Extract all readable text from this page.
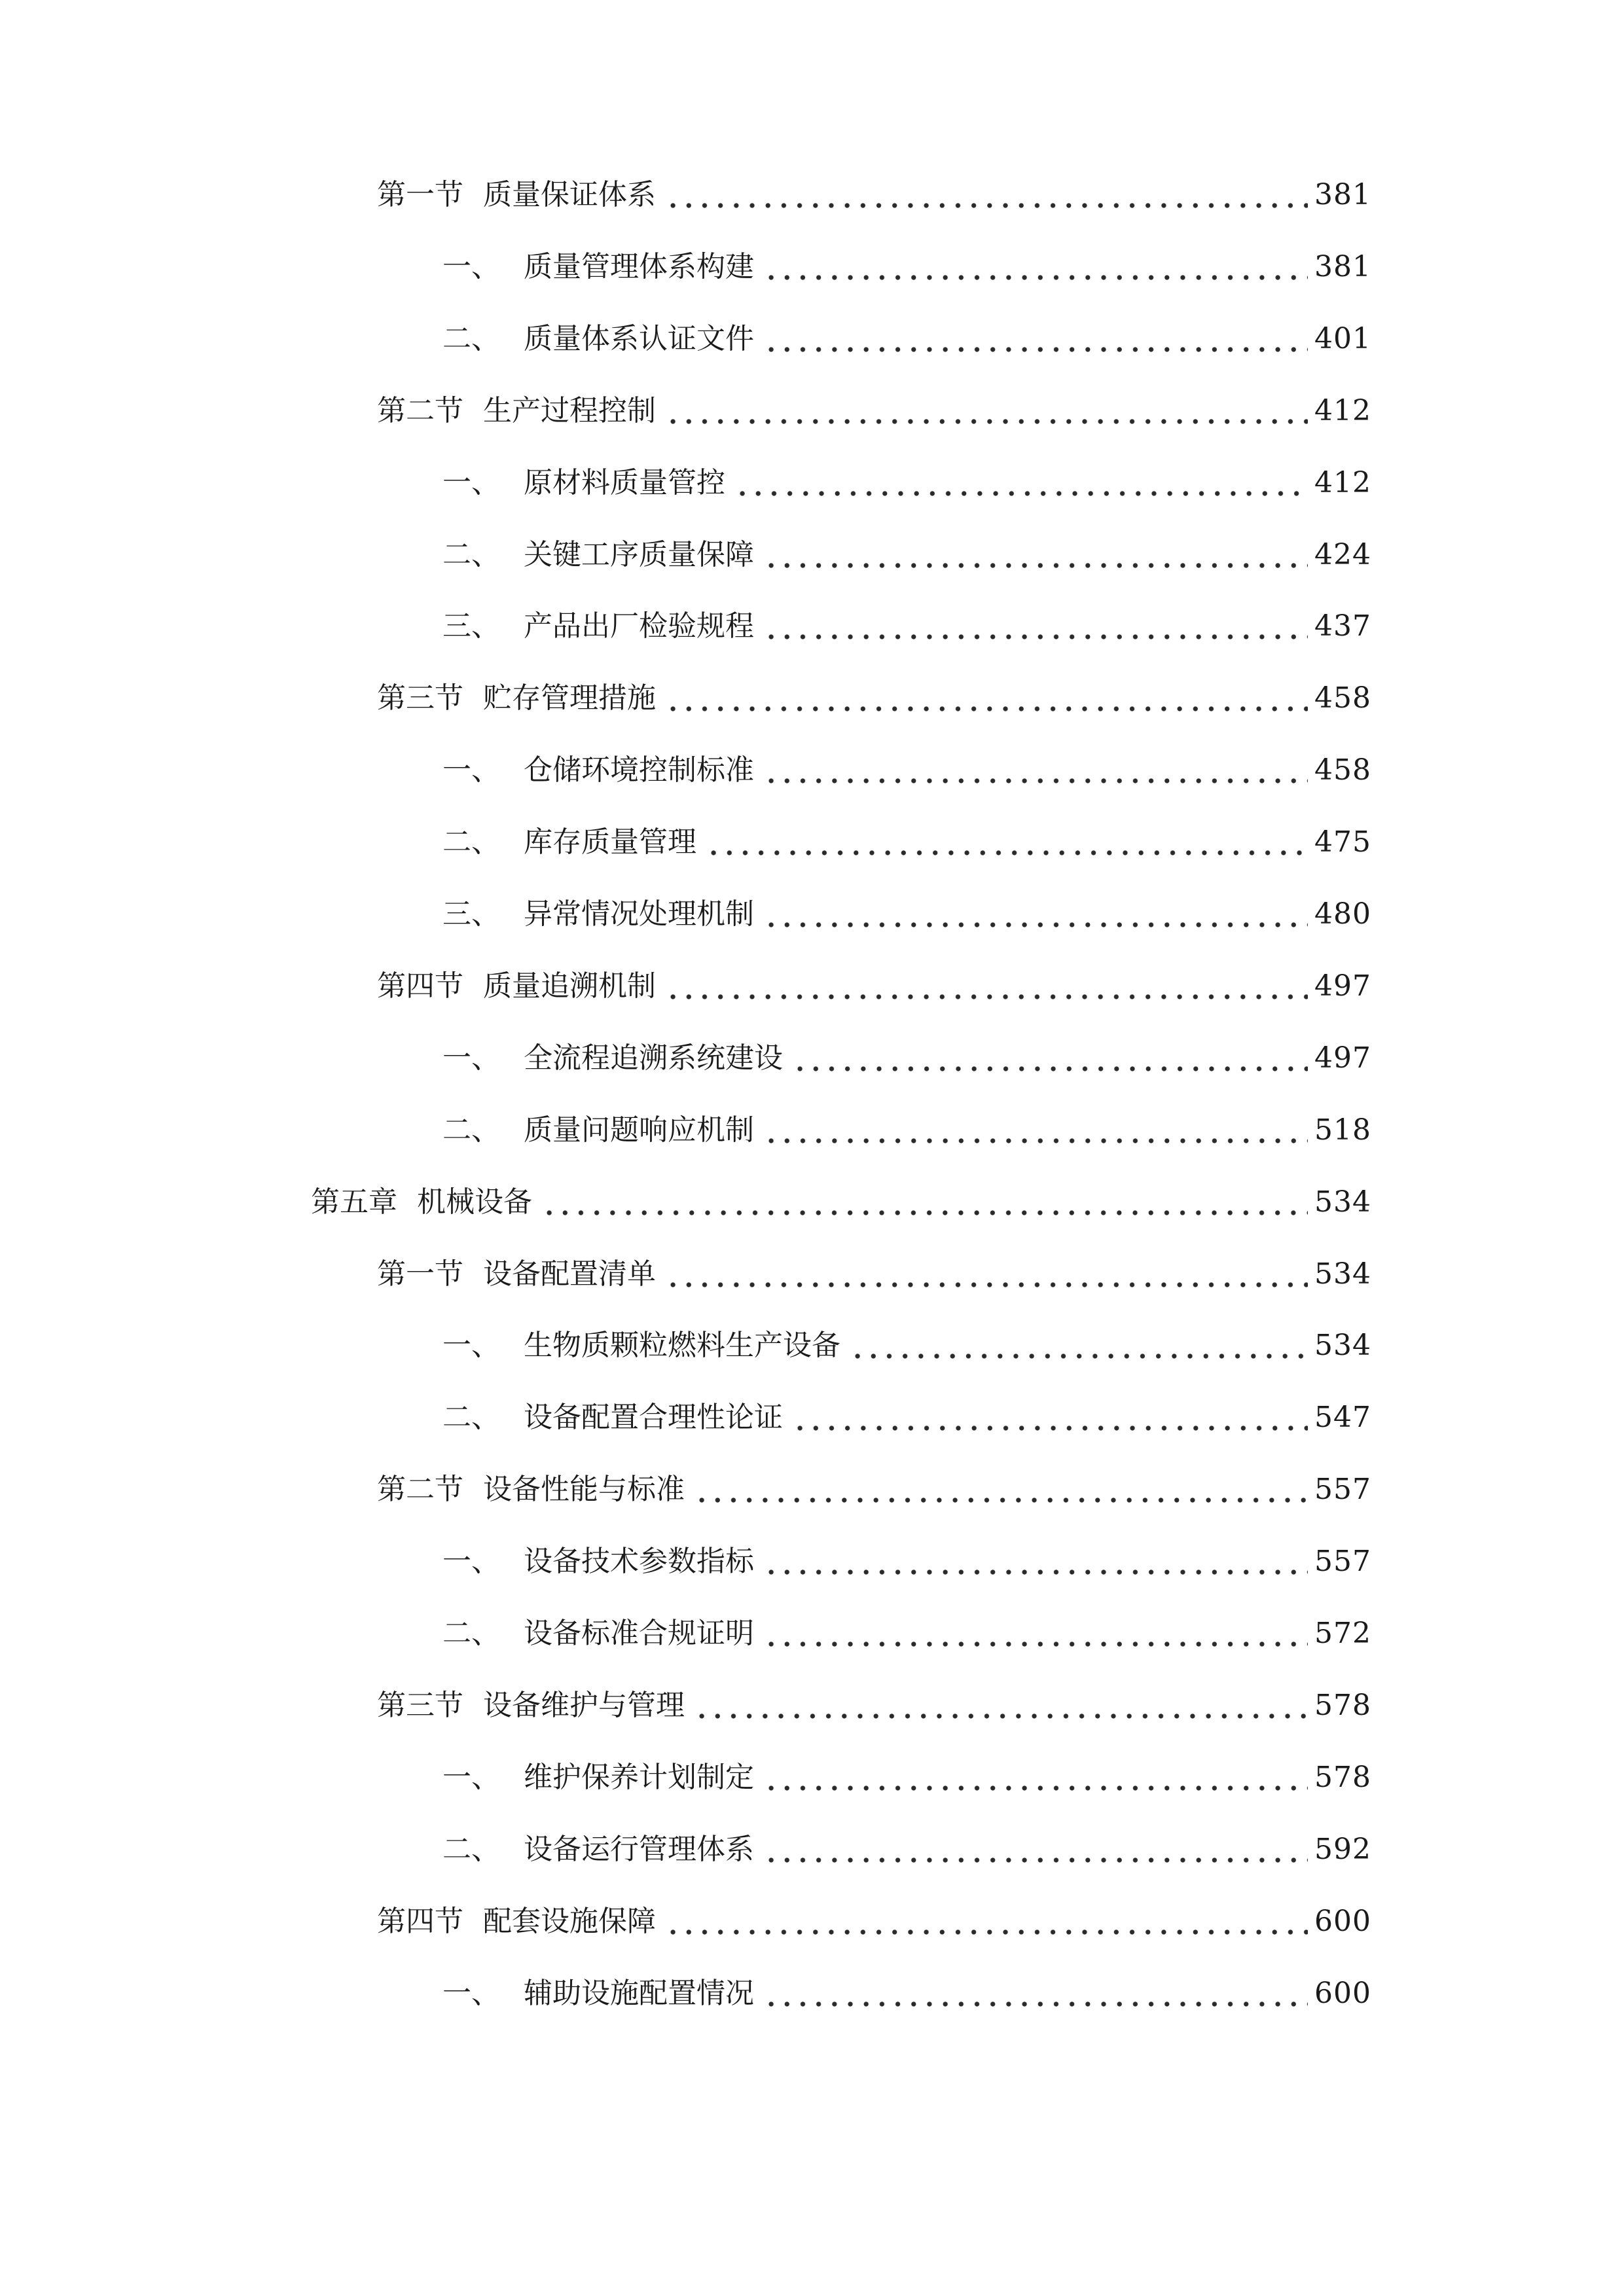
第一节 质量保证体系	381
一、 质量管理体系构建	381
二、 质量体系认证文件	401
第二节 生产过程控制	412
一、 原材料质量管控	412
二、 关键工序质量保障	424
三、 产品出厂检验规程	437
第三节 贮存管理措施	458
一、 仓储环境控制标准	458
二、 库存质量管理	475
三、 异常情况处理机制	480
第四节 质量追溯机制	497
一、 全流程追溯系统建设	497
二、 质量问题响应机制	518
第五章 机械设备	534
第一节 设备配置清单	534
一、 生物质颗粒燃料生产设备	534
二、 设备配置合理性论证	547
第二节 设备性能与标准	557
一、 设备技术参数指标	557
二、 设备标准合规证明	572
第三节 设备维护与管理	578
一、 维护保养计划制定	578
二、 设备运行管理体系	592
第四节 配套设施保障	600
一、 辅助设施配置情况	600
